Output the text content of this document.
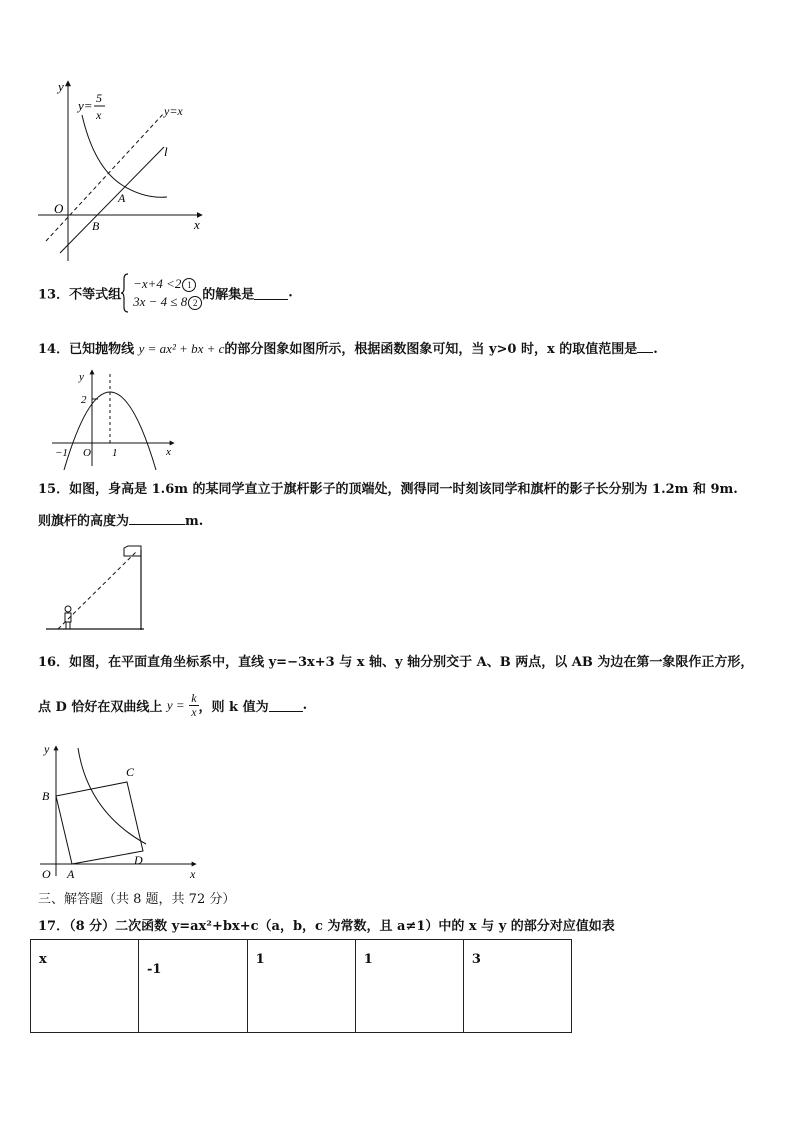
y
x
O
y= 5
x	y=x
l
A
B
13．不等式组
−x+4 <2 1
3x − 4 ≤ 8 2
的解集是	.
14．已知抛物线 y = ax² + bx + c的部分图象如图所示，根据函数图象可知，当 y>0 时，x 的取值范围是 .
y
x
2
−1 O 1
15．如图，身高是 1.6m 的某同学直立于旗杆影子的顶端处，测得同一时刻该同学和旗杆的影子长分别为 1.2m 和 9m.
则旗杆的高度为	m.
16．如图，在平面直角坐标系中，直线 y=−3x+3 与 x 轴、y 轴分别交于 A、B 两点，以 AB 为边在第一象限作正方形，
点 D 恰好在双曲线上 $y = \frac{k}{x}$ ，则 k 值为	.
y
x
O A
B
C
D
三、解答题（共 8 题，共 72 分）
17．（8 分）二次函数 y=ax²+bx+c（a，b，c 为常数，且 a≠1）中的 x 与 y 的部分对应值如表
x	-1	1	1	3
